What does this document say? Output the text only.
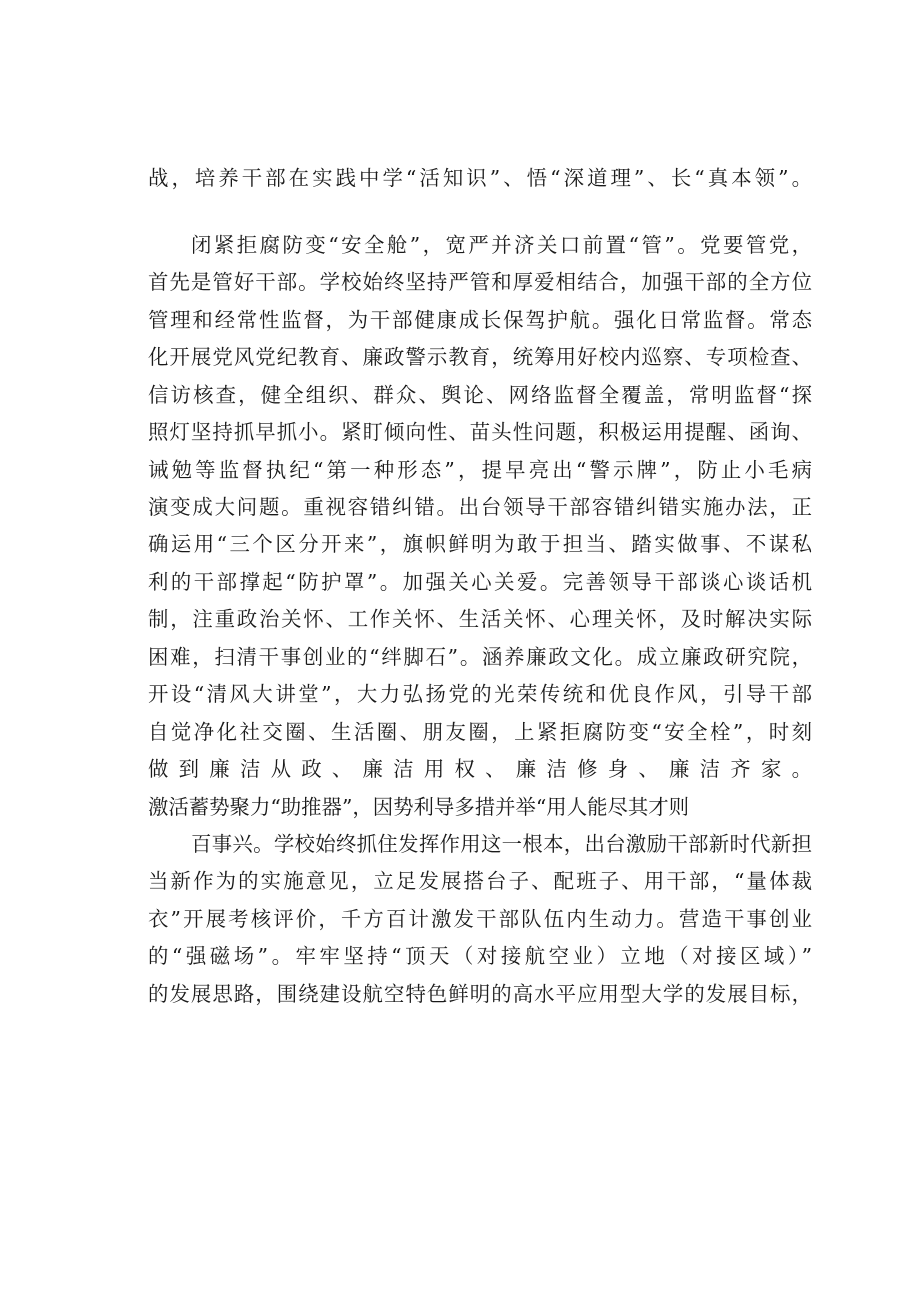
战，培养干部在实践中学“活知识”、悟“深道理”、长“真本领”。
闭紧拒腐防变“安全舱”，宽严并济关口前置“管”。党要管党，
首先是管好干部。学校始终坚持严管和厚爱相结合，加强干部的全方位
管理和经常性监督，为干部健康成长保驾护航。强化日常监督。常态
化开展党风党纪教育、廉政警示教育，统筹用好校内巡察、专项检查、
信访核查，健全组织、群众、舆论、网络监督全覆盖，常明监督“探
照灯坚持抓早抓小。紧盯倾向性、苗头性问题，积极运用提醒、函询、
诫勉等监督执纪“第一种形态”，提早亮出“警示牌”，防止小毛病
演变成大问题。重视容错纠错。出台领导干部容错纠错实施办法，正
确运用“三个区分开来”，旗帜鲜明为敢于担当、踏实做事、不谋私
利的干部撑起“防护罩”。加强关心关爱。完善领导干部谈心谈话机
制，注重政治关怀、工作关怀、生活关怀、心理关怀，及时解决实际
困难，扫清干事创业的“绊脚石”。涵养廉政文化。成立廉政研究院，
开设“清风大讲堂”，大力弘扬党的光荣传统和优良作风，引导干部
自觉净化社交圈、生活圈、朋友圈，上紧拒腐防变“安全栓”，时刻
做到廉洁从政、廉洁用权、廉洁修身、廉洁齐家。
激活蓄势聚力“助推器”，因势利导多措并举“用人能尽其才则
百事兴。学校始终抓住发挥作用这一根本，出台激励干部新时代新担
当新作为的实施意见，立足发展搭台子、配班子、用干部，“量体裁
衣”开展考核评价，千方百计激发干部队伍内生动力。营造干事创业
的“强磁场”。牢牢坚持“顶天（对接航空业）立地（对接区域）”
的发展思路，围绕建设航空特色鲜明的高水平应用型大学的发展目标，
